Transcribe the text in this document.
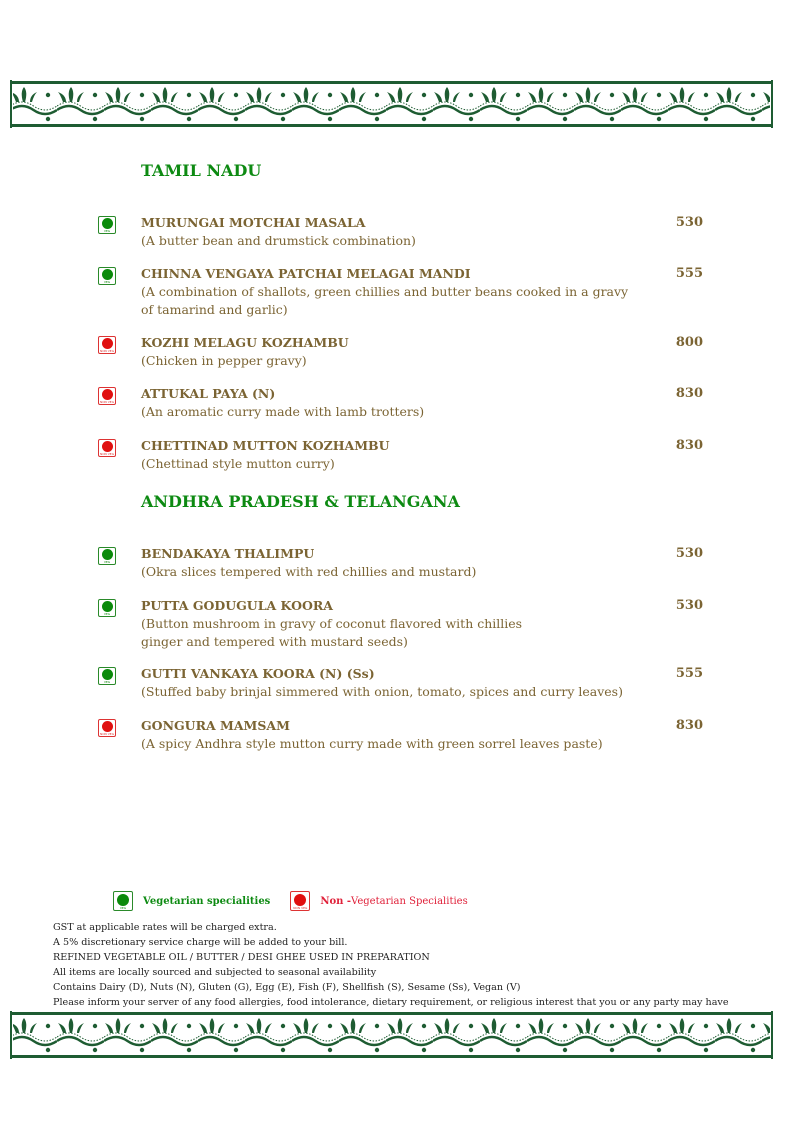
TAMIL NADU
VEG
MURUNGAI MOTCHAI MASALA	530
(A butter bean and drumstick combination)
VEG
CHINNA VENGAYA PATCHAI MELAGAI MANDI	555
(A combination of shallots, green chillies and butter beans cooked in a gravy
of tamarind and garlic)
NON VEG
KOZHI MELAGU KOZHAMBU	800
(Chicken in pepper gravy)
NON VEG
ATTUKAL PAYA (N)	830
(An aromatic curry made with lamb trotters)
NON VEG
CHETTINAD MUTTON KOZHAMBU	830
(Chettinad style mutton curry)
ANDHRA PRADESH & TELANGANA
VEG
BENDAKAYA THALIMPU	530
(Okra slices tempered with red chillies and mustard)
VEG
PUTTA GODUGULA KOORA	530
(Button mushroom in gravy of coconut flavored with chillies
ginger and tempered with mustard seeds)
VEG
GUTTI VANKAYA KOORA (N) (Ss)	555
(Stuffed baby brinjal simmered with onion, tomato, spices and curry leaves)
NON VEG
GONGURA MAMSAM	830
(A spicy Andhra style mutton curry made with green sorrel leaves paste)
VEG
Vegetarian specialities
NON VEG
Non -Vegetarian Specialities
GST at applicable rates will be charged extra.
A 5% discretionary service charge will be added to your bill.
REFINED VEGETABLE OIL / BUTTER / DESI GHEE USED IN PREPARATION
All items are locally sourced and subjected to seasonal availability
Contains Dairy (D), Nuts (N), Gluten (G), Egg (E), Fish (F), Shellfish (S), Sesame (Ss), Vegan (V)
Please inform your server of any food allergies, food intolerance, dietary requirement, or religious interest that you or any party may have
